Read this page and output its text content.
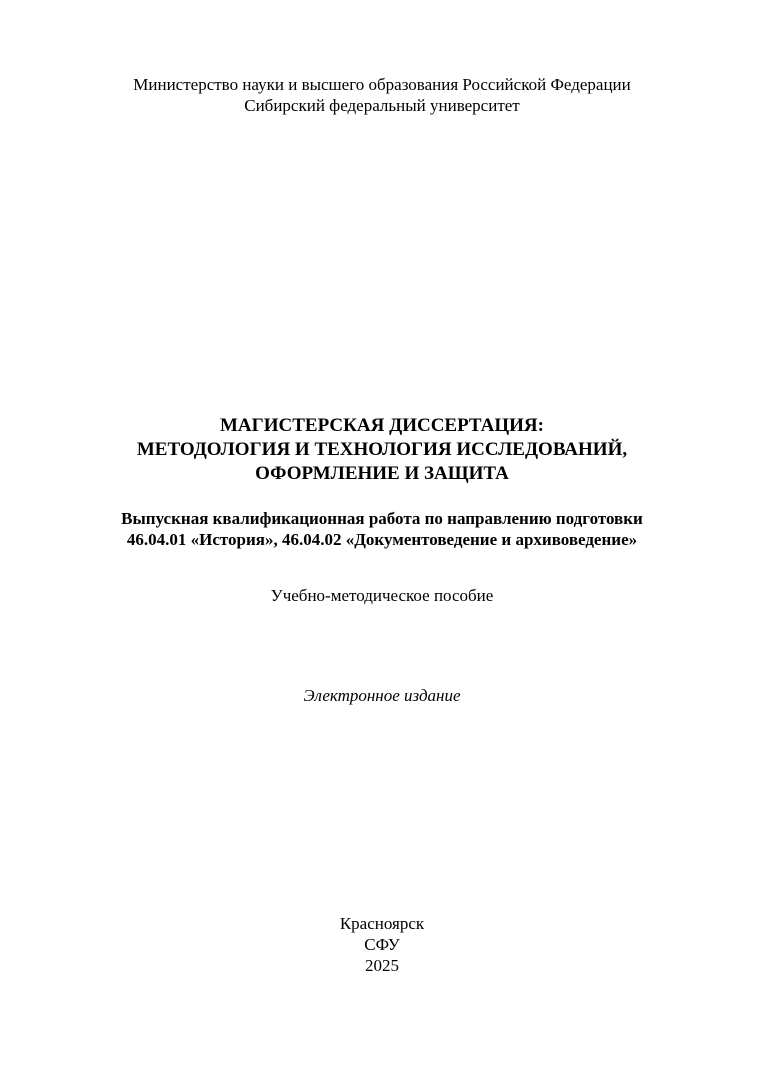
Министерство науки и высшего образования Российской Федерации
Сибирский федеральный университет
МАГИСТЕРСКАЯ ДИССЕРТАЦИЯ:
МЕТОДОЛОГИЯ И ТЕХНОЛОГИЯ ИССЛЕДОВАНИЙ,
ОФОРМЛЕНИЕ И ЗАЩИТА
Выпускная квалификационная работа по направлению подготовки
46.04.01 «История», 46.04.02 «Документоведение и архивоведение»
Учебно-методическое пособие
Электронное издание
Красноярск
СФУ
2025
